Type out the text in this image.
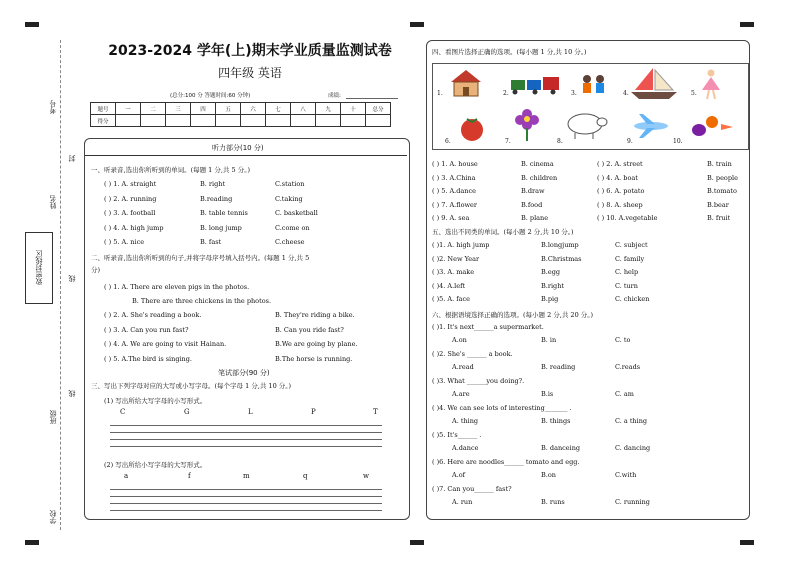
考号
姓名
致密封线区
班级
学校
封
线
线
2023-2024 学年(上)期末学业质量监测试卷
四年级 英语
(总分:100 分 答题时间:60 分钟)	成绩:
题号	一	二	三	四	五	六	七	八	九	十	总分
得分											
听力部分(10 分)
一、听录音,选出你所听到的单词。(每题 1 分,共 5 分。)
( ) 1. A. straight	B. right	C.station
( ) 2. A. running	B.reading	C.taking
( ) 3. A. football	B. table tennis	C. basketball
( ) 4. A. high jump	B. long jump	C.come on
( ) 5. A. nice	B. fast	C.cheese
二、听录音,选出你所听到的句子,并将字母序号填入括号内。(每题 1 分,共 5
分)
( ) 1. A. There are eleven pigs in the photos.
B. There are three chickens in the photos.
( ) 2. A. She's reading a book.	B. They're riding a bike.
( ) 3. A. Can you run fast?	B. Can you ride fast?
( ) 4. A. We are going to visit Hainan.	B.We are going by plane.
( ) 5. A.The bird is singing.	B.The horse is running.
笔试部分(90 分)
三、写出下列字母对应的大写或小写字母。(每个字母 1 分,共 10 分。)
(1) 写出所给大写字母的小写形式。
C	G	L	P	T
(2) 写出所给小写字母的大写形式。
a	f	m	q	w
四、看图片选择正确的选项。(每小题 1 分,共 10 分。)
1.	2.	3.	4.	5.
6.	7.	8.	9.	10.
( ) 1. A. house	B. cinema	( ) 2. A. street	B. train
( ) 3. A.China	B. children	( ) 4. A. boat	B. people
( ) 5. A.dance	B.draw	( ) 6. A. potato	B.tomato
( ) 7. A.flower	B.food	( ) 8. A. sheep	B.bear
( ) 9. A. sea	B. plane	( ) 10. A.vegetable	B. fruit
五、选出不同类的单词。(每小题 2 分,共 10 分。)
( )1. A. high jump	B.longjump	C. subject
( )2. New Year	B.Christmas	C. family
( )3. A. make	B.egg	C. help
( )4. A.left	B.right	C. turn
( )5. A. face	B.pig	C. chicken
六、根据语境选择正确的选项。(每小题 2 分,共 20 分。)
( )1. It's next______a supermarket.
A.on	B. in	C. to
( )2. She's ______ a book.
A.read	B. reading	C.reads
( )3. What ______you doing?.
A.are	B.is	C. am
( )4. We can see lots of interesting_______ .
A. thing	B. things	C. a thing
( )5. It's______ .
A.dance	B. danceing	C. dancing
( )6. Here are noodles______ tomato and egg.
A.of	B.on	C.with
( )7. Can you______ fast?
A. run	B. runs	C. running
